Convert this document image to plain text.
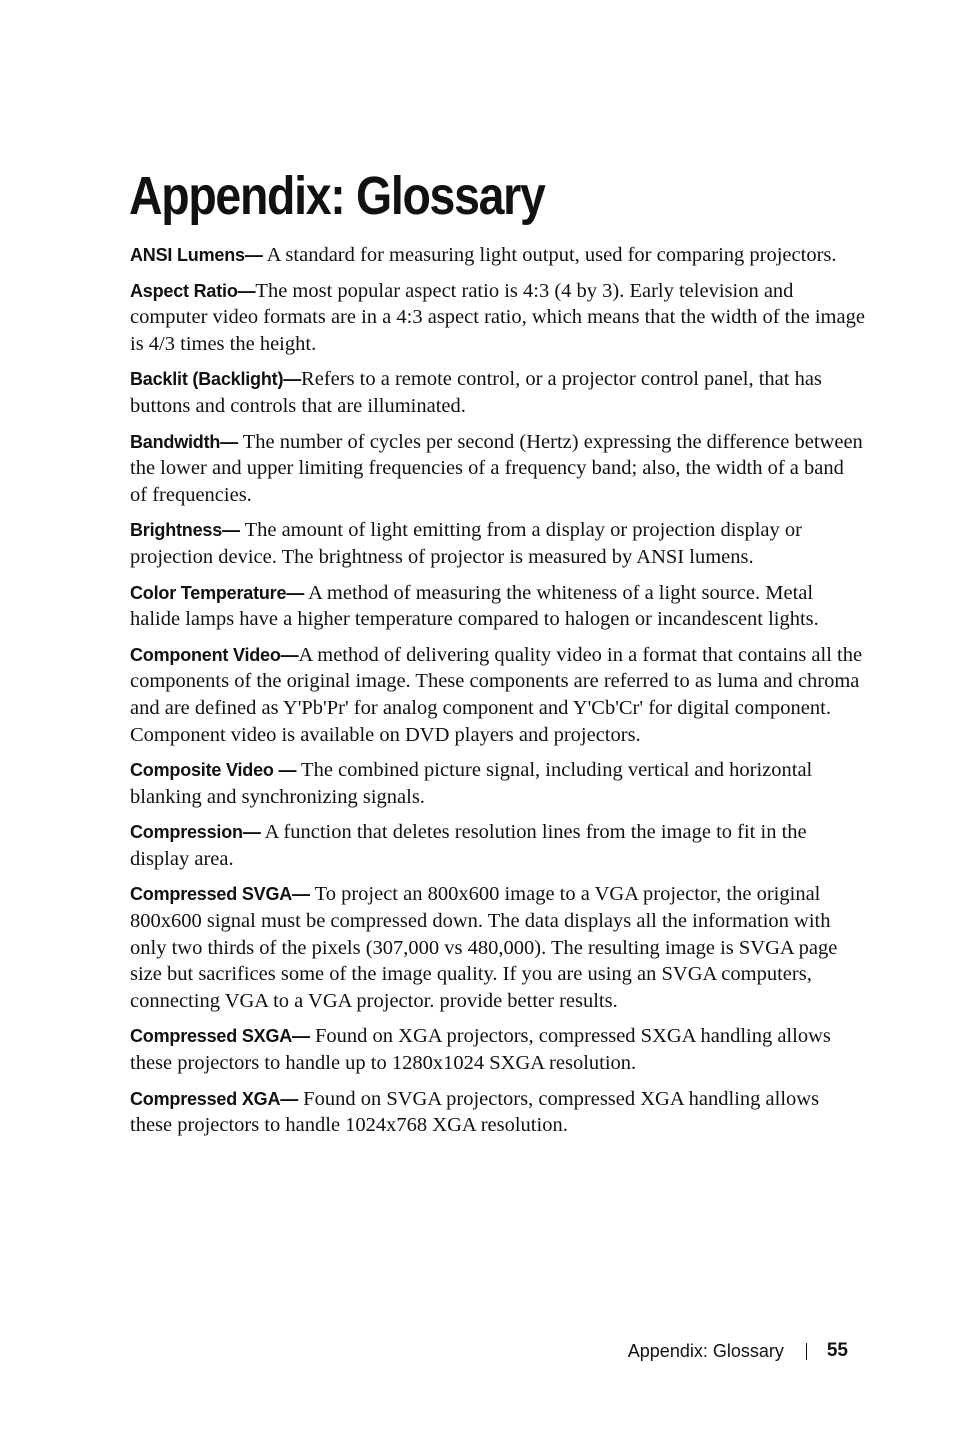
Appendix: Glossary

ANSI Lumens— A standard for measuring light output, used for comparing projectors.

Aspect Ratio—The most popular aspect ratio is 4:3 (4 by 3). Early television and computer video formats are in a 4:3 aspect ratio, which means that the width of the image is 4/3 times the height.

Backlit (Backlight)—Refers to a remote control, or a projector control panel, that has buttons and controls that are illuminated.

Bandwidth— The number of cycles per second (Hertz) expressing the difference between the lower and upper limiting frequencies of a frequency band; also, the width of a band of frequencies.

Brightness— The amount of light emitting from a display or projection display or projection device. The brightness of projector is measured by ANSI lumens.

Color Temperature— A method of measuring the whiteness of a light source. Metal halide lamps have a higher temperature compared to halogen or incandescent lights.

Component Video—A method of delivering quality video in a format that contains all the components of the original image. These components are referred to as luma and chroma and are defined as Y'Pb'Pr' for analog component and Y'Cb'Cr' for digital component. Component video is available on DVD players and projectors.

Composite Video — The combined picture signal, including vertical and horizontal blanking and synchronizing signals.

Compression— A function that deletes resolution lines from the image to fit in the display area.

Compressed SVGA— To project an 800x600 image to a VGA projector, the original 800x600 signal must be compressed down. The data displays all the information with only two thirds of the pixels (307,000 vs 480,000). The resulting image is SVGA page size but sacrifices some of the image quality. If you are using an SVGA computers, connecting VGA to a VGA projector. provide better results.

Compressed SXGA— Found on XGA projectors, compressed SXGA handling allows these projectors to handle up to 1280x1024 SXGA resolution.

Compressed XGA— Found on SVGA projectors, compressed XGA handling allows these projectors to handle 1024x768 XGA resolution.

Appendix: Glossary 55
